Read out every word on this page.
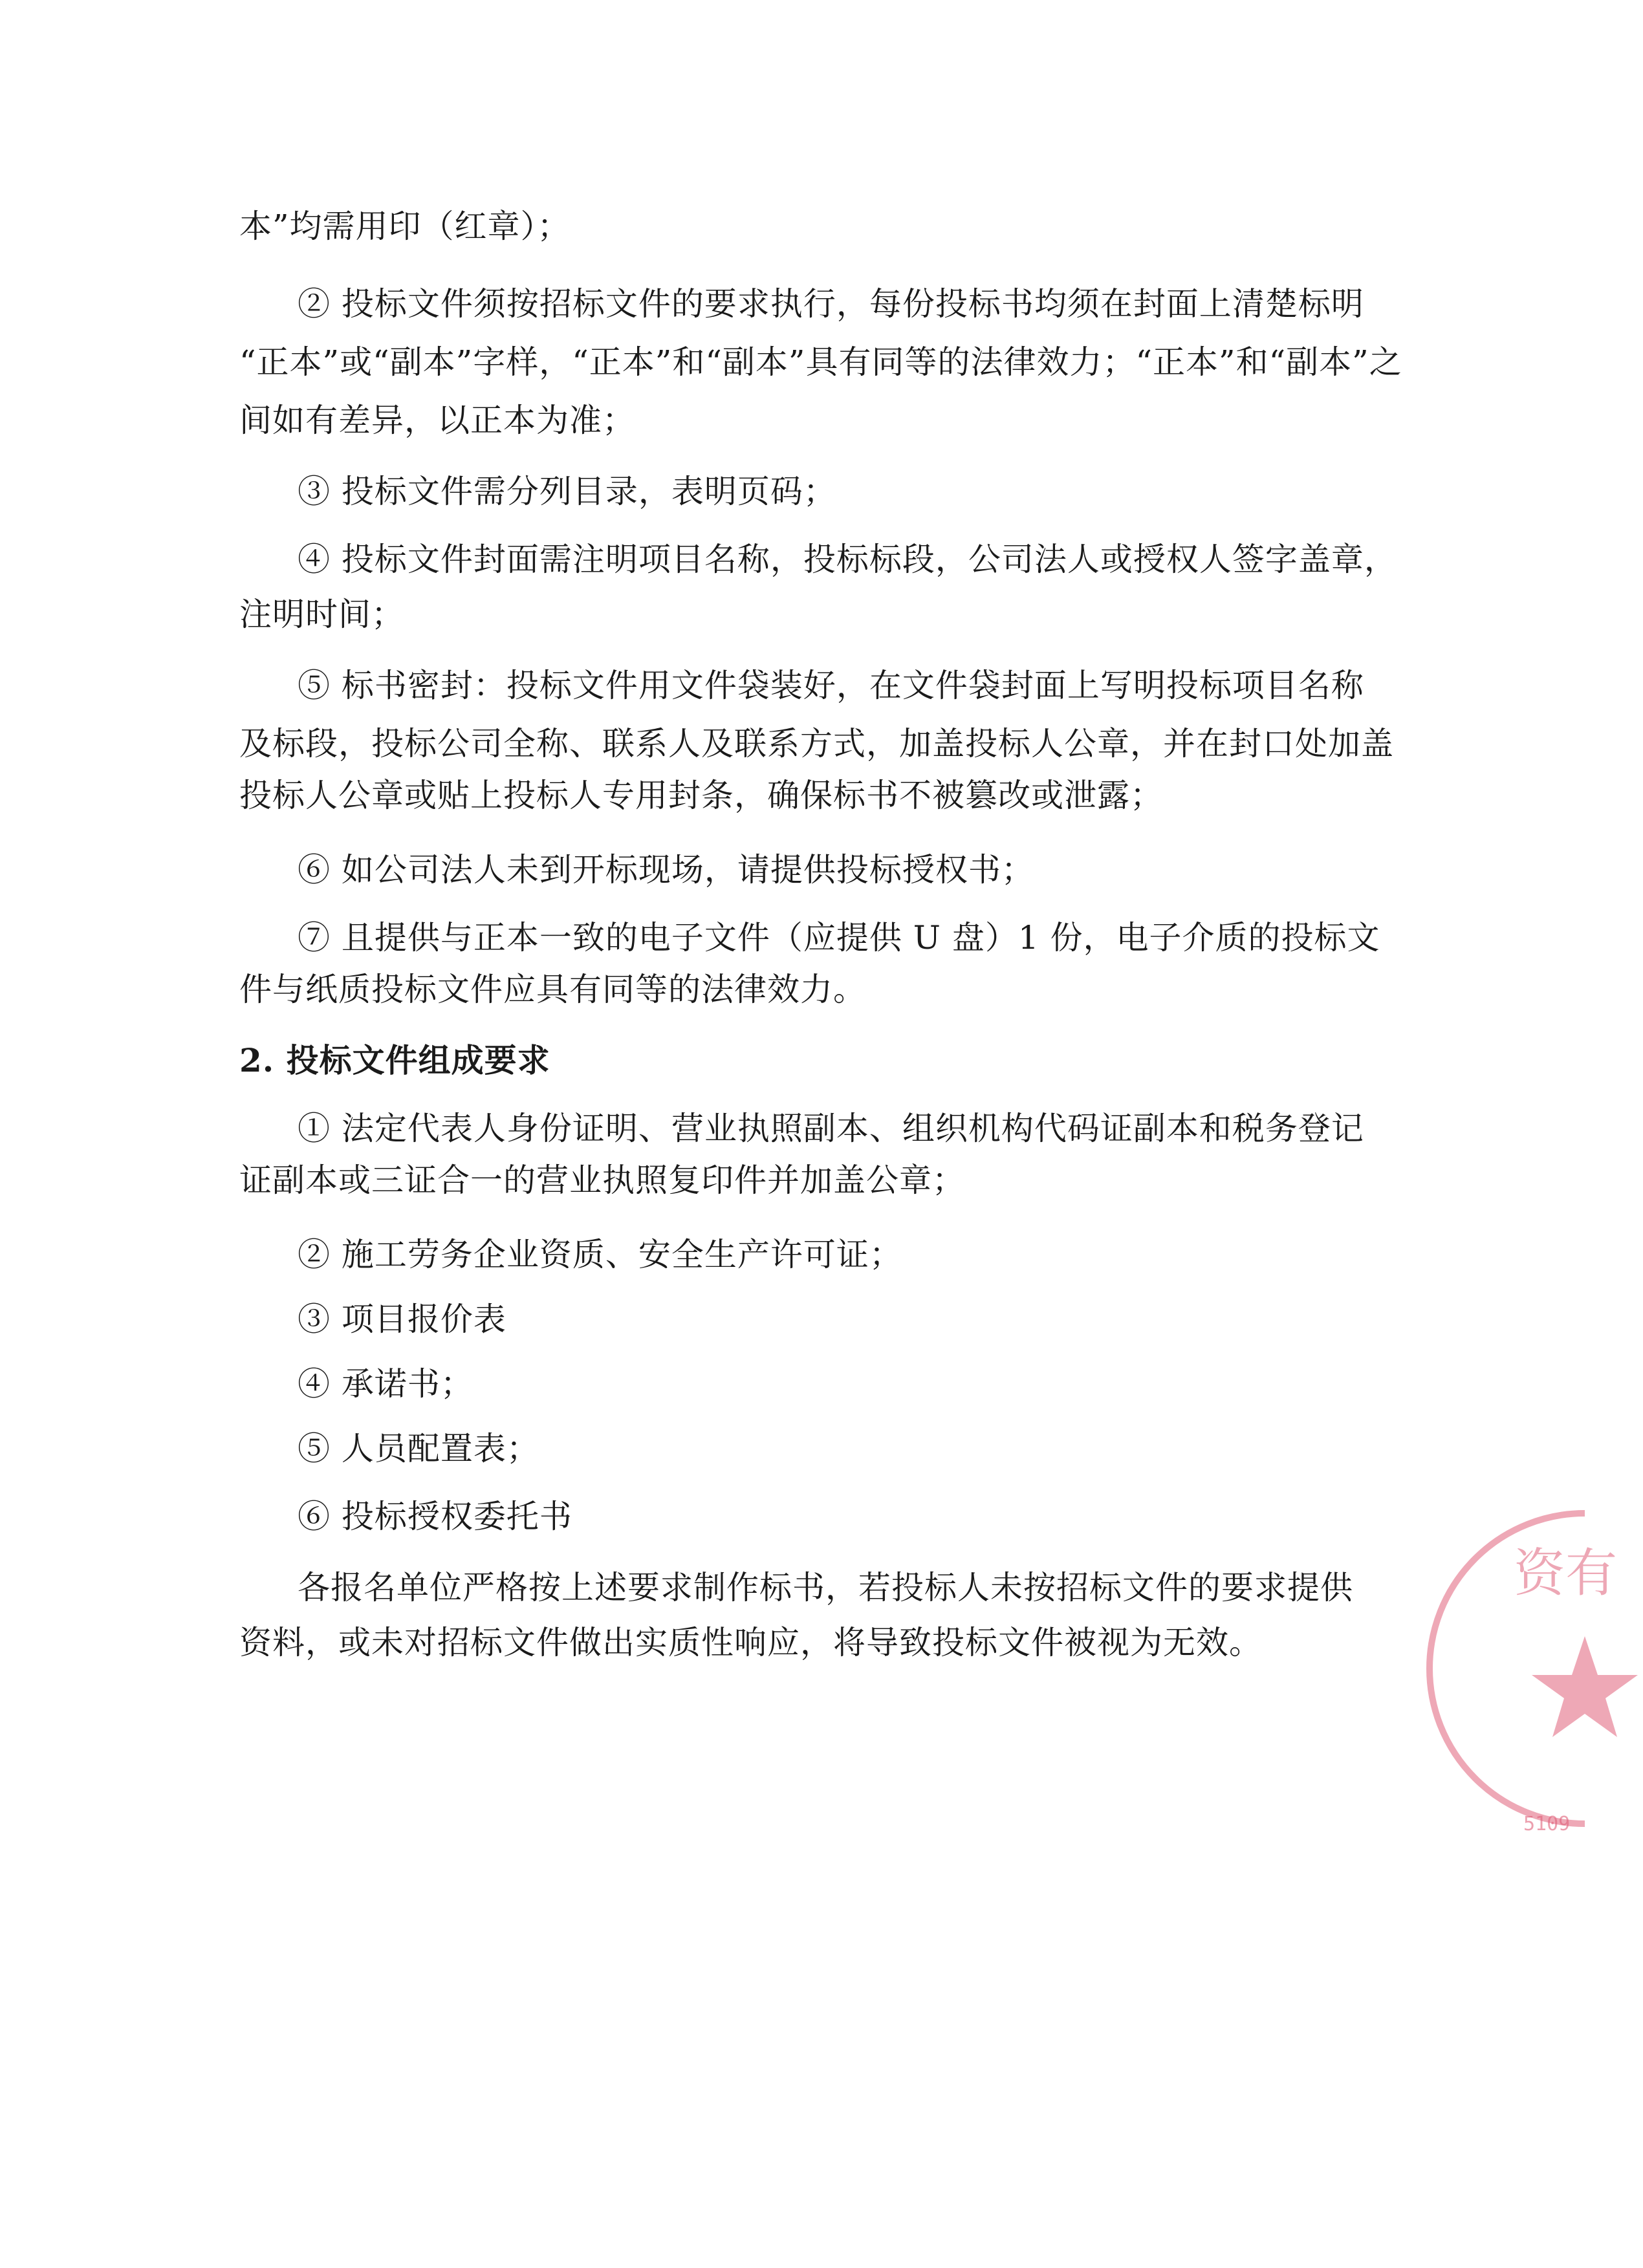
本”均需用印（红章）；
② 投标文件须按招标文件的要求执行，每份投标书均须在封面上清楚标明
“正本”或“副本”字样，“正本”和“副本”具有同等的法律效力；“正本”和“副本”之
间如有差异，以正本为准；
③ 投标文件需分列目录，表明页码；
④ 投标文件封面需注明项目名称，投标标段，公司法人或授权人签字盖章，
注明时间；
⑤ 标书密封：投标文件用文件袋装好，在文件袋封面上写明投标项目名称
及标段，投标公司全称、联系人及联系方式，加盖投标人公章，并在封口处加盖
投标人公章或贴上投标人专用封条，确保标书不被篡改或泄露；
⑥ 如公司法人未到开标现场，请提供投标授权书；
⑦ 且提供与正本一致的电子文件（应提供 U 盘）1 份，电子介质的投标文
件与纸质投标文件应具有同等的法律效力。
2. 投标文件组成要求
① 法定代表人身份证明、营业执照副本、组织机构代码证副本和税务登记
证副本或三证合一的营业执照复印件并加盖公章；
② 施工劳务企业资质、安全生产许可证；
③ 项目报价表
④ 承诺书；
⑤ 人员配置表；
⑥ 投标授权委托书
各报名单位严格按上述要求制作标书，若投标人未按招标文件的要求提供
资料，或未对招标文件做出实质性响应，将导致投标文件被视为无效。
资有
5109
